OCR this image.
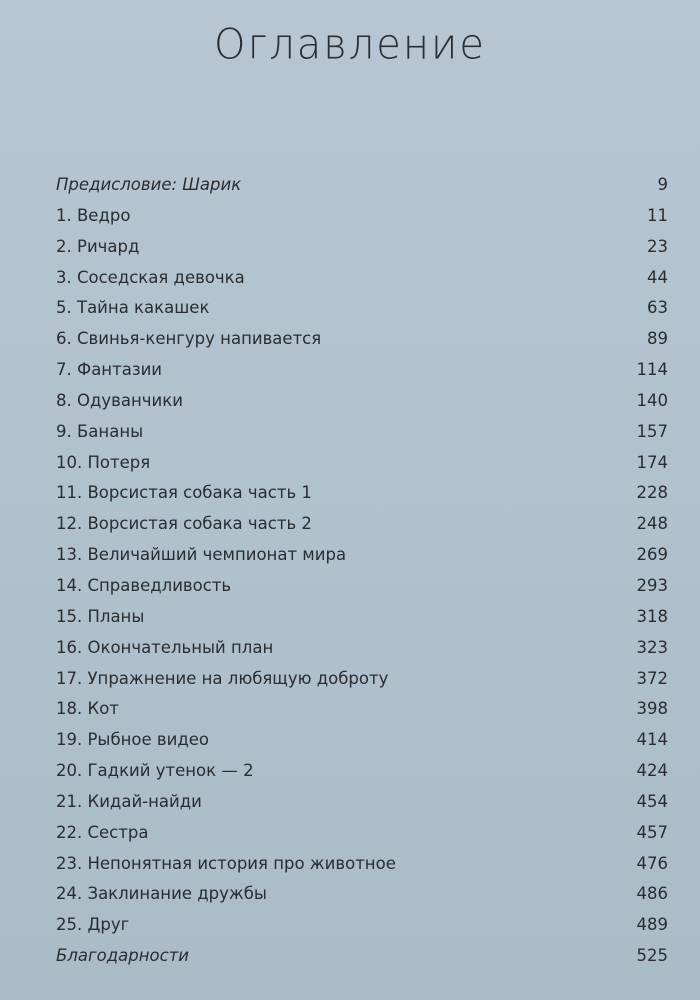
Оглавление
Предисловие: Шарик	9
1. Ведро	11
2. Ричард	23
3. Соседская девочка	44
5. Тайна какашек	63
6. Свинья-кенгуру напивается	89
7. Фантазии	114
8. Одуванчики	140
9. Бананы	157
10. Потеря	174
11. Ворсистая собака часть 1	228
12. Ворсистая собака часть 2	248
13. Величайший чемпионат мира	269
14. Справедливость	293
15. Планы	318
16. Окончательный план	323
17. Упражнение на любящую доброту	372
18. Кот	398
19. Рыбное видео	414
20. Гадкий утенок — 2	424
21. Кидай-найди	454
22. Сестра	457
23. Непонятная история про животное	476
24. Заклинание дружбы	486
25. Друг	489
Благодарности	525
